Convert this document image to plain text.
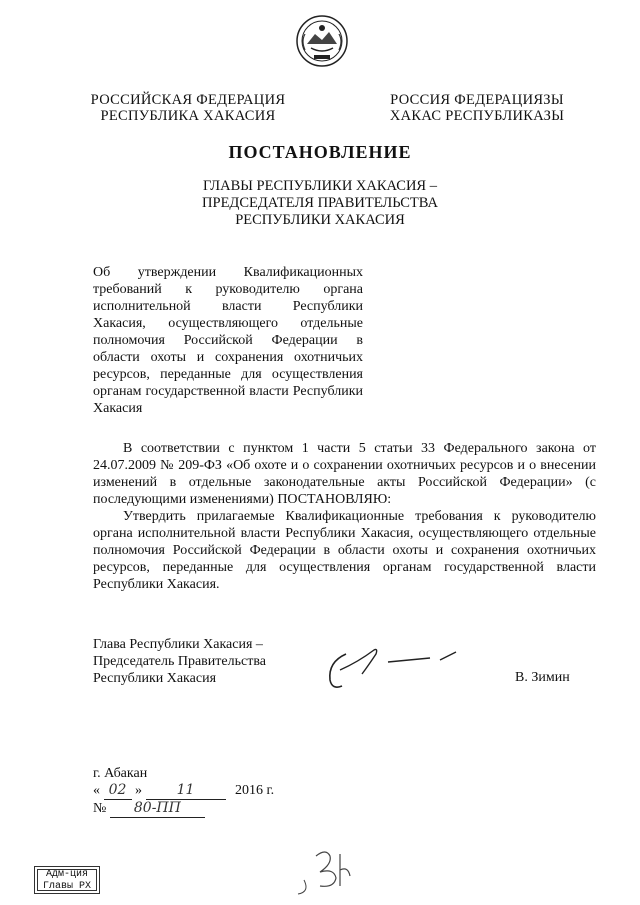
РОССИЙСКАЯ ФЕДЕРАЦИЯ
РЕСПУБЛИКА ХАКАСИЯ
РОССИЯ ФЕДЕРАЦИЯЗЫ
ХАКАС РЕСПУБЛИКАЗЫ
ПОСТАНОВЛЕНИЕ
ГЛАВЫ РЕСПУБЛИКИ ХАКАСИЯ –
ПРЕДСЕДАТЕЛЯ ПРАВИТЕЛЬСТВА
РЕСПУБЛИКИ ХАКАСИЯ
Об утверждении Квалификационных требований к руководителю органа исполнительной власти Республики Хакасия, осуществляющего отдельные полномочия Российской Федерации в области охоты и сохранения охотничьих ресурсов, переданные для осуществления органам государственной власти Республики Хакасия

В соответствии с пунктом 1 части 5 статьи 33 Федерального закона от 24.07.2009 № 209-ФЗ «Об охоте и о сохранении охотничьих ресурсов и о внесении изменений в отдельные законодательные акты Российской Федерации» (с последующими изменениями) ПОСТАНОВЛЯЮ:

Утвердить прилагаемые Квалификационные требования к руководителю органа исполнительной власти Республики Хакасия, осуществляющего отдельные полномочия Российской Федерации в области охоты и сохранения охотничьих ресурсов, переданные для осуществления органам государственной власти Республики Хакасия.

Глава Республики Хакасия –
Председатель Правительства
Республики Хакасия	В. Зимин
г. Абакан
« 02 » 11	2016 г.
№ 80-ПП
Адм-ция
Главы РХ
